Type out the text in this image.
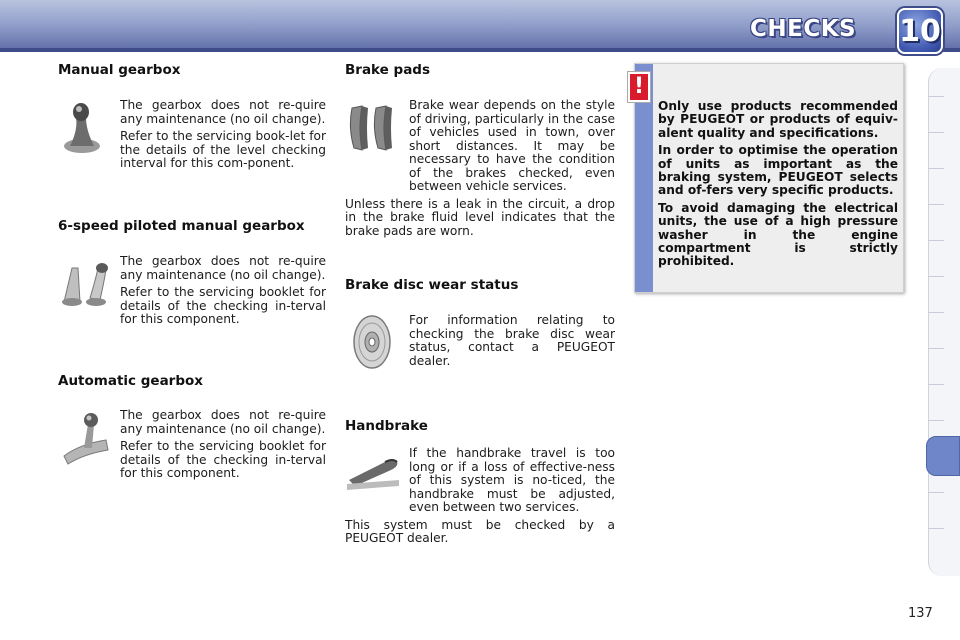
CHECKS 10
Manual gearbox

The gearbox does not re-quire any maintenance (no oil change).

Refer to the servicing book-let for the details of the level checking interval for this com-ponent.

6-speed piloted manual gearbox

The gearbox does not re-quire any maintenance (no oil change).

Refer to the servicing booklet for details of the checking in-terval for this component.

Automatic gearbox

The gearbox does not re-quire any maintenance (no oil change).

Refer to the servicing booklet for details of the checking in-terval for this component.

Brake pads

Brake wear depends on the style of driving, particularly in the case of vehicles used in town, over short distances. It may be necessary to have the condition of the brakes checked, even between vehicle services.

Unless there is a leak in the circuit, a drop in the brake fluid level indicates that the brake pads are worn.

Brake disc wear status

For information relating to checking the brake disc wear status, contact a PEUGEOT dealer.

Handbrake

If the handbrake travel is too long or if a loss of effective-ness of this system is no-ticed, the handbrake must be adjusted, even between two services.

This system must be checked by a PEUGEOT dealer.

!

Only use products recommended by PEUGEOT or products of equiv-alent quality and specifications.

In order to optimise the operation of units as important as the braking system, PEUGEOT selects and of-fers very specific products.

To avoid damaging the electrical units, the use of a high pressure washer in the engine compartment is strictly prohibited.

137
